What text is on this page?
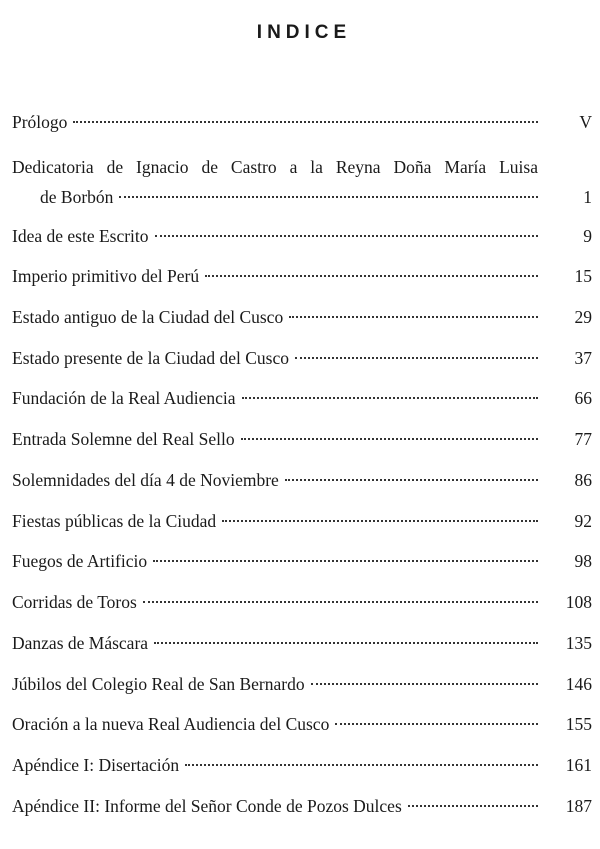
INDICE
Prólogo	V
Dedicatoria de Ignacio de Castro a la Reyna Doña María Luisa
de Borbón	1
Idea de este Escrito	9
Imperio primitivo del Perú	15
Estado antiguo de la Ciudad del Cusco	29
Estado presente de la Ciudad del Cusco	37
Fundación de la Real Audiencia	66
Entrada Solemne del Real Sello	77
Solemnidades del día 4 de Noviembre	86
Fiestas públicas de la Ciudad	92
Fuegos de Artificio	98
Corridas de Toros	108
Danzas de Máscara	135
Júbilos del Colegio Real de San Bernardo	146
Oración a la nueva Real Audiencia del Cusco	155
Apéndice I: Disertación	161
Apéndice II: Informe del Señor Conde de Pozos Dulces	187
